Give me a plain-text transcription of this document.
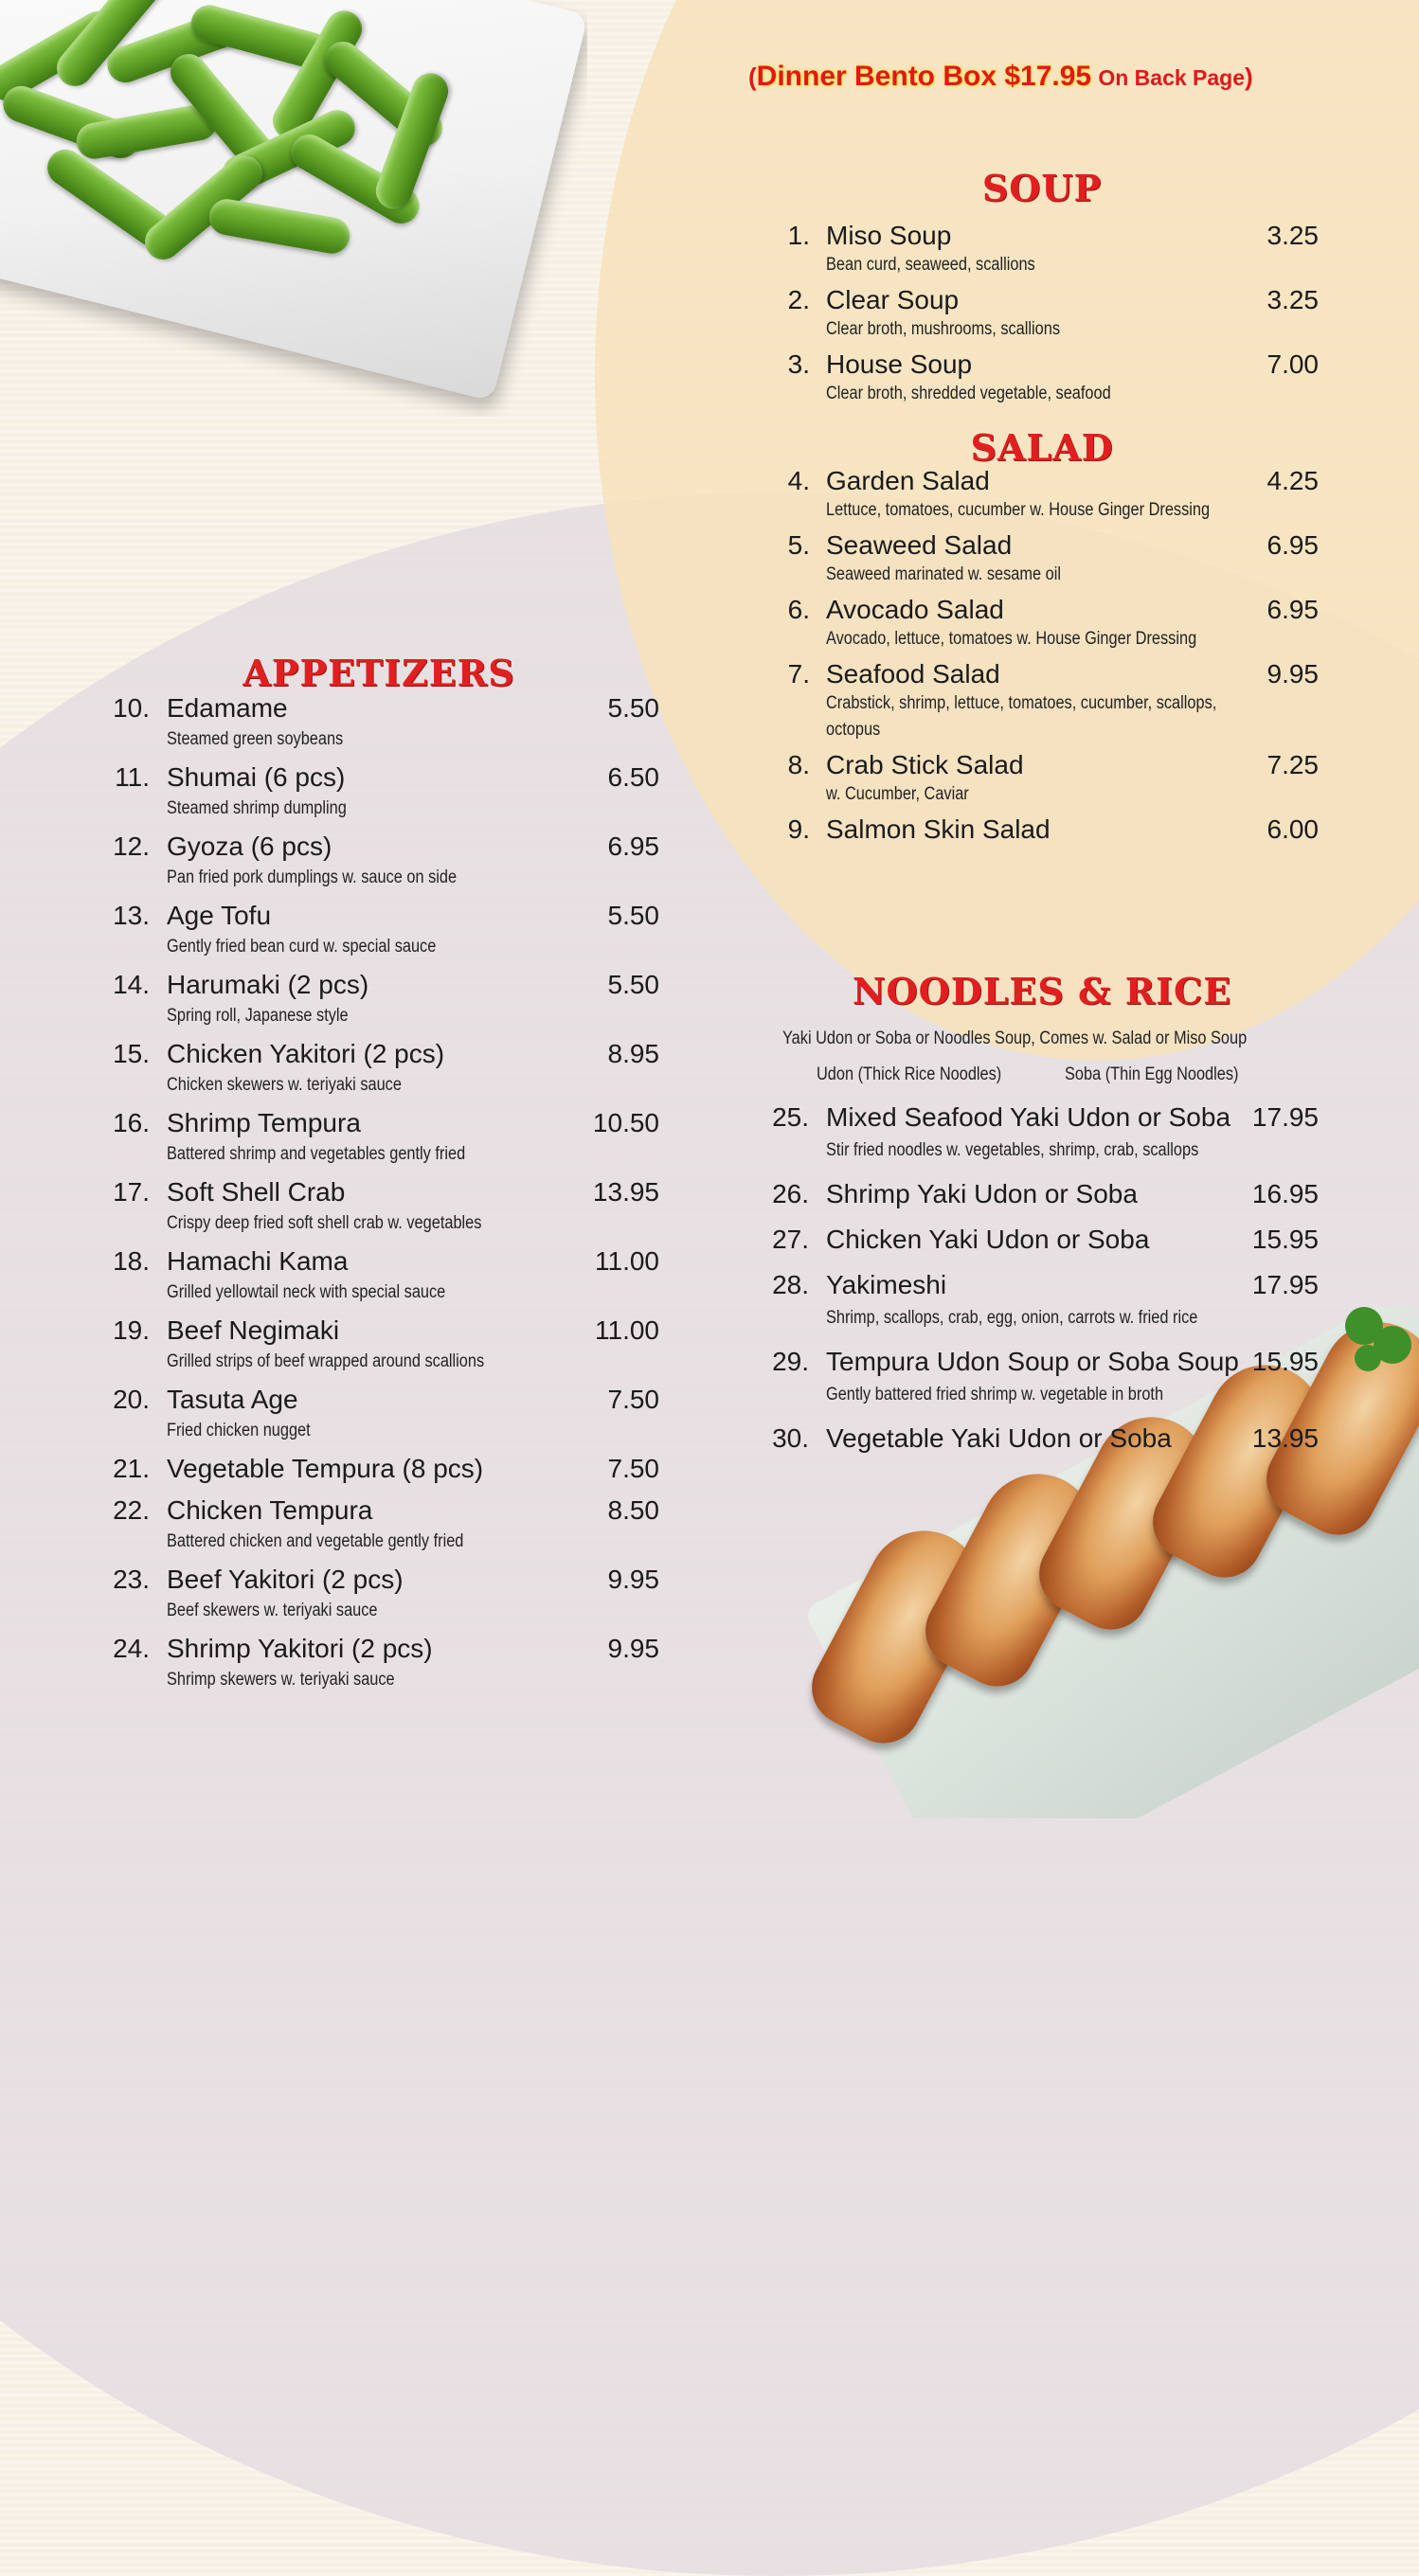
(Dinner Bento Box $17.95 On Back Page)
SOUP
SALAD
APPETIZERS
NOODLES & RICE
Yaki Udon or Soba or Noodles Soup, Comes w. Salad or Miso Soup
Udon (Thick Rice Noodles)	Soba (Thin Egg Noodles)
1. Miso Soup	3.25
Bean curd, seaweed, scallions
2. Clear Soup	3.25
Clear broth, mushrooms, scallions
3. House Soup	7.00
Clear broth, shredded vegetable, seafood
4. Garden Salad	4.25
Lettuce, tomatoes, cucumber w. House Ginger Dressing
5. Seaweed Salad	6.95
Seaweed marinated w. sesame oil
6. Avocado Salad	6.95
Avocado, lettuce, tomatoes w. House Ginger Dressing
7. Seafood Salad	9.95
Crabstick, shrimp, lettuce, tomatoes, cucumber, scallops,
octopus
8. Crab Stick Salad	7.25
w. Cucumber, Caviar
9. Salmon Skin Salad	6.00
10. Edamame	5.50
Steamed green soybeans
11. Shumai (6 pcs)	6.50
Steamed shrimp dumpling
12. Gyoza (6 pcs)	6.95
Pan fried pork dumplings w. sauce on side
13. Age Tofu	5.50
Gently fried bean curd w. special sauce
14. Harumaki (2 pcs)	5.50
Spring roll, Japanese style
15. Chicken Yakitori (2 pcs)	8.95
Chicken skewers w. teriyaki sauce
16. Shrimp Tempura	10.50
Battered shrimp and vegetables gently fried
17. Soft Shell Crab	13.95
Crispy deep fried soft shell crab w. vegetables
18. Hamachi Kama	11.00
Grilled yellowtail neck with special sauce
19. Beef Negimaki	11.00
Grilled strips of beef wrapped around scallions
20. Tasuta Age	7.50
Fried chicken nugget
21. Vegetable Tempura (8 pcs)	7.50
22. Chicken Tempura	8.50
Battered chicken and vegetable gently fried
23. Beef Yakitori (2 pcs)	9.95
Beef skewers w. teriyaki sauce
24. Shrimp Yakitori (2 pcs)	9.95
Shrimp skewers w. teriyaki sauce
25. Mixed Seafood Yaki Udon or Soba 17.95
Stir fried noodles w. vegetables, shrimp, crab, scallops
26. Shrimp Yaki Udon or Soba	16.95
27. Chicken Yaki Udon or Soba	15.95
28. Yakimeshi	17.95
Shrimp, scallops, crab, egg, onion, carrots w. fried rice
29. Tempura Udon Soup or Soba Soup 15.95
Gently battered fried shrimp w. vegetable in broth
30. Vegetable Yaki Udon or Soba	13.95
